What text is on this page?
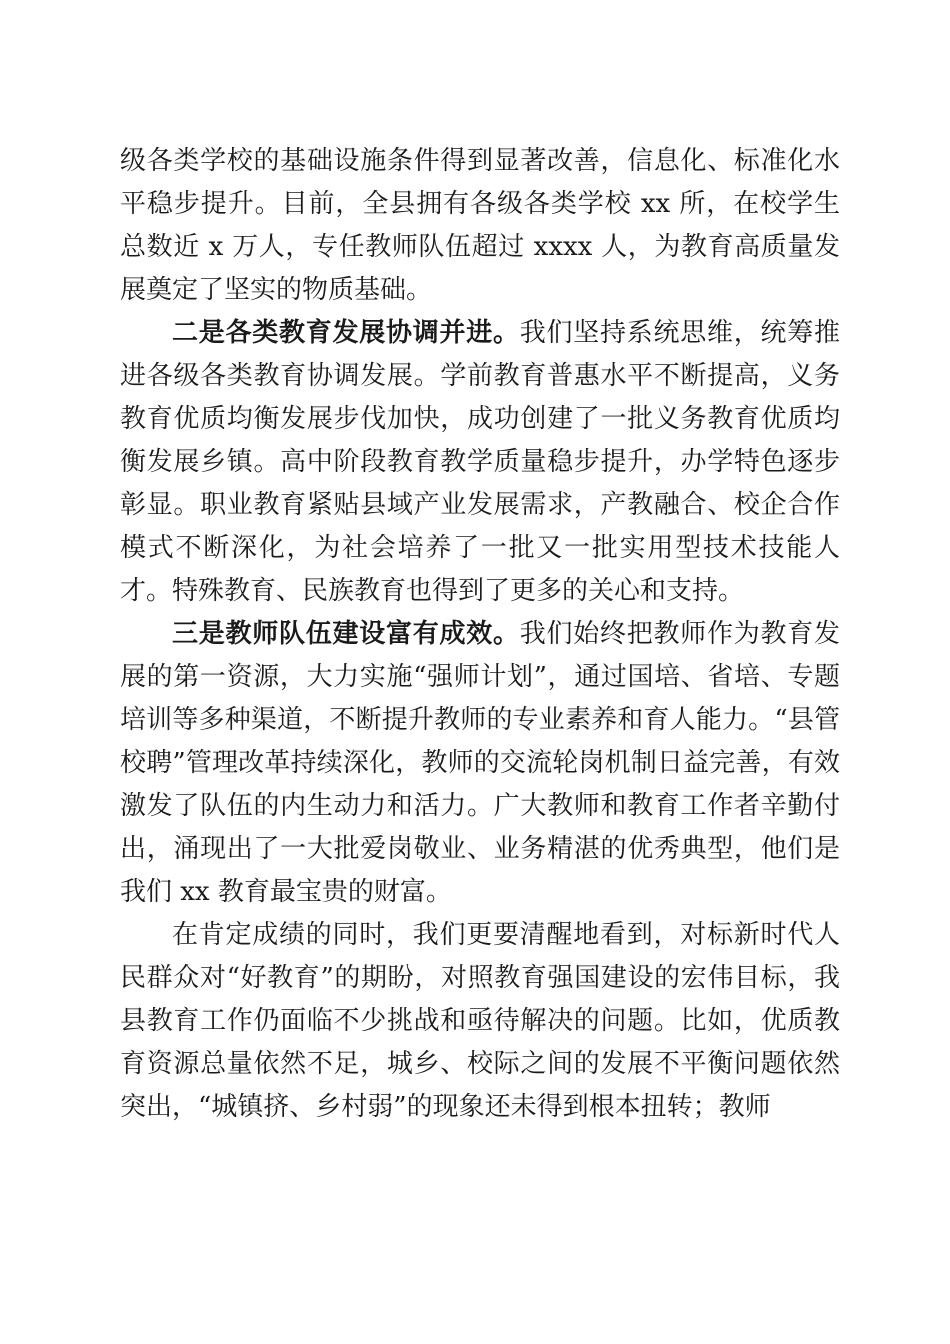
级各类学校的基础设施条件得到显著改善，信息化、标准化水平稳步提升。目前，全县拥有各级各类学校 xx 所，在校学生总数近 x 万人，专任教师队伍超过 xxxx 人，为教育高质量发展奠定了坚实的物质基础。

二是各类教育发展协调并进。我们坚持系统思维，统筹推进各级各类教育协调发展。学前教育普惠水平不断提高，义务教育优质均衡发展步伐加快，成功创建了一批义务教育优质均衡发展乡镇。高中阶段教育教学质量稳步提升，办学特色逐步彰显。职业教育紧贴县域产业发展需求，产教融合、校企合作模式不断深化，为社会培养了一批又一批实用型技术技能人才。特殊教育、民族教育也得到了更多的关心和支持。

三是教师队伍建设富有成效。我们始终把教师作为教育发展的第一资源，大力实施“强师计划”，通过国培、省培、专题培训等多种渠道，不断提升教师的专业素养和育人能力。“县管校聘”管理改革持续深化，教师的交流轮岗机制日益完善，有效激发了队伍的内生动力和活力。广大教师和教育工作者辛勤付出，涌现出了一大批爱岗敬业、业务精湛的优秀典型，他们是我们 xx 教育最宝贵的财富。

在肯定成绩的同时，我们更要清醒地看到，对标新时代人民群众对“好教育”的期盼，对照教育强国建设的宏伟目标，我县教育工作仍面临不少挑战和亟待解决的问题。比如，优质教育资源总量依然不足，城乡、校际之间的发展不平衡问题依然突出，“城镇挤、乡村弱”的现象还未得到根本扭转；教师
